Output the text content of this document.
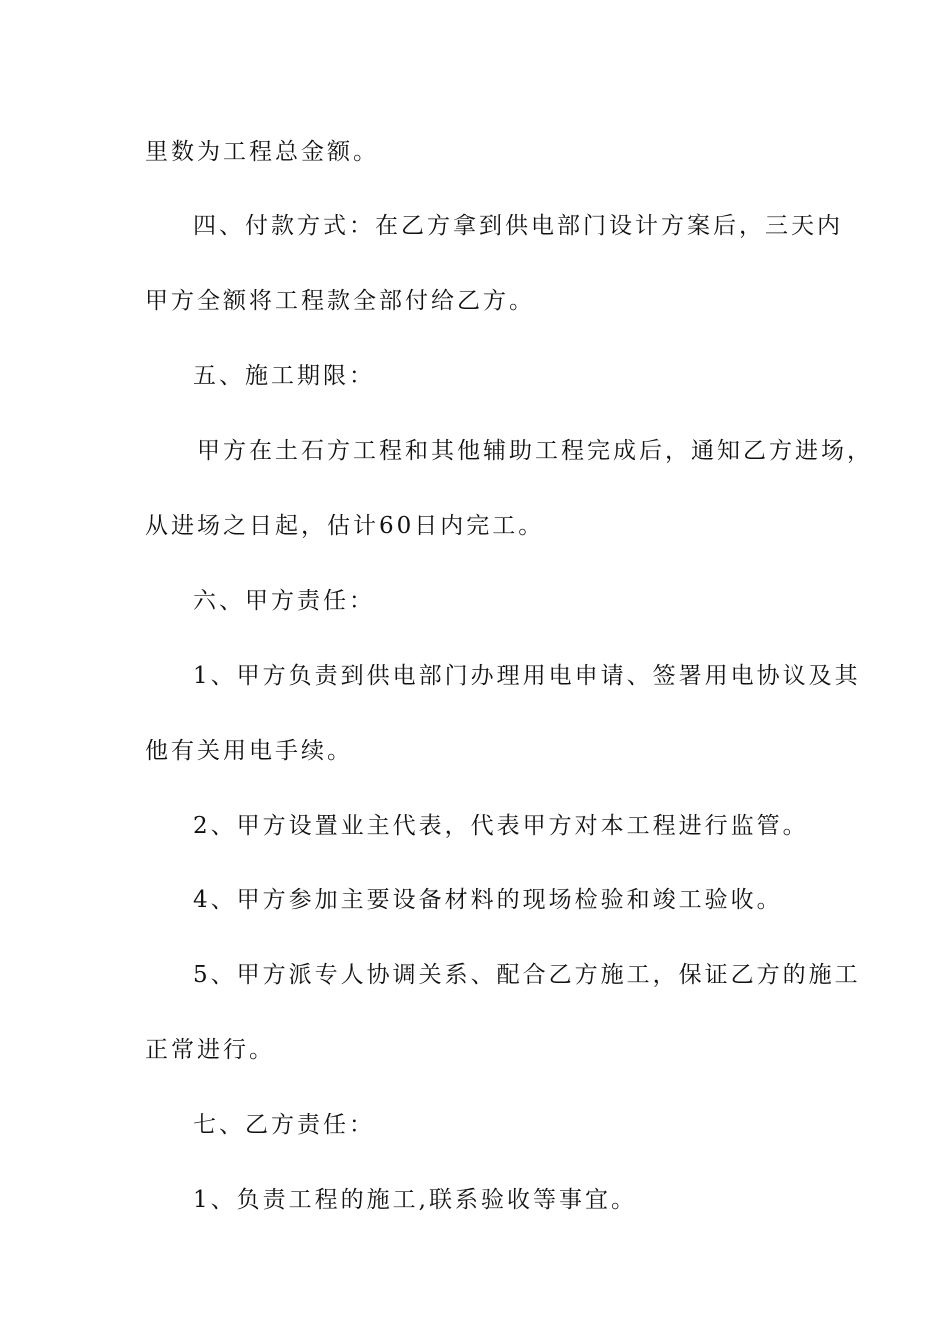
里数为工程总金额。
四、付款方式：在乙方拿到供电部门设计方案后，三天内
甲方全额将工程款全部付给乙方。
五、施工期限：
甲方在土石方工程和其他辅助工程完成后，通知乙方进场，
从进场之日起，估计60日内完工。
六、甲方责任：
1、甲方负责到供电部门办理用电申请、签署用电协议及其
他有关用电手续。
2、甲方设置业主代表，代表甲方对本工程进行监管。
4、甲方参加主要设备材料的现场检验和竣工验收。
5、甲方派专人协调关系、配合乙方施工，保证乙方的施工
正常进行。
七、乙方责任：
1、负责工程的施工,联系验收等事宜。
